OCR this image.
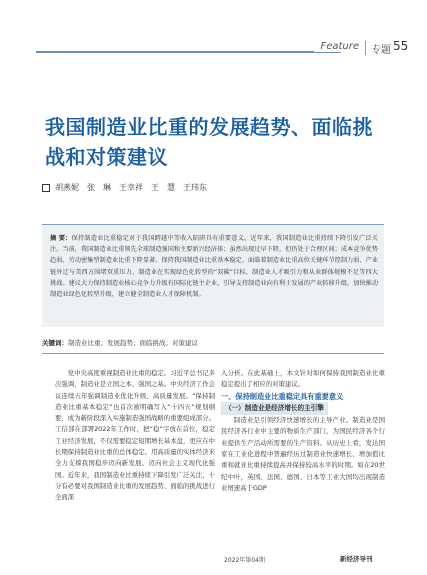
Feature 专题 55
我国制造业比重的发展趋势、面临挑战和对策建议
胡燕妮　张　琳　王幸祥　王　慧　王玮东
摘 要：保持制造业比重稳定对于我国跨越中等收入陷阱具有重要意义。近年来，我国制造业比重持续下降引发广泛关注。当前，我国制造业比重领先全球制造强国和主要新兴经济体；虽然出现过早下降，但仍处于合理区间；成本竞争优势趋弱、劳动密集型制造业比重下降显著。保持我国制造业比重基本稳定，面临着制造业比重高位关键环节控制力弱、产业链外迁与美西方围堵双重压力、制造业在实现绿色化转型的“双碳”目标，制造业人才吸引力和从业群体规模不足等四大挑战。建议大力保持制造业核心竞争力升级有国际化链主企业，引导支持制造业向有利于发展的产业转移升级，加快推动制造业绿色化转型升级，建立健全制造业人才保障机制。
关键词：制造业比重；发展趋势；面临挑战；对策建议

党中央高度重视制造业比重的稳定。习近平总书记多次强调，制造业是立国之本、强国之基。中央经济工作会议连续五年强调制造业优化升级、高质量发展。“保持制造业比重基本稳定”也首次被明确写入“十四五”规划纲要，成为新阶段深入实施制造强国战略的重要组成部分。工信部在部署2022年工作时，把“稳”字放在首位，稳定工业经济发展，不仅需要稳定短期增长基本盘，更应在中长期保持制造业比重的总体稳定。用高质量的实体经济来全力支撑我国稳步迈向新发展、迈向社会主义现代化强国。近年来，我国制造业比重持续下降引发广泛关注，十分有必要对我国制造业比重的发展趋势、面临的挑战进行全面深

入分析。在此基础上，本文针对如何保持我国制造业比重稳定提出了相应的对策建议。

一、保持制造业比重稳定具有重要意义

（一）制造业是经济增长的主引擎

制造业是引领经济快速增长的主导产业。制造业是国民经济各行业中主要的物质生产部门，为国民经济各个行业提供生产活动所需要的生产资料。从历史上看，发达国家在工业化进程中普遍经历过制造业快速增长、增加值比重和就业比重持续提高并保持较高水平的时期。如在20世纪中叶，英国、法国、德国、日本等工业大国均出现制造业增速高于GDP

2022年第04期	新经济导刊
